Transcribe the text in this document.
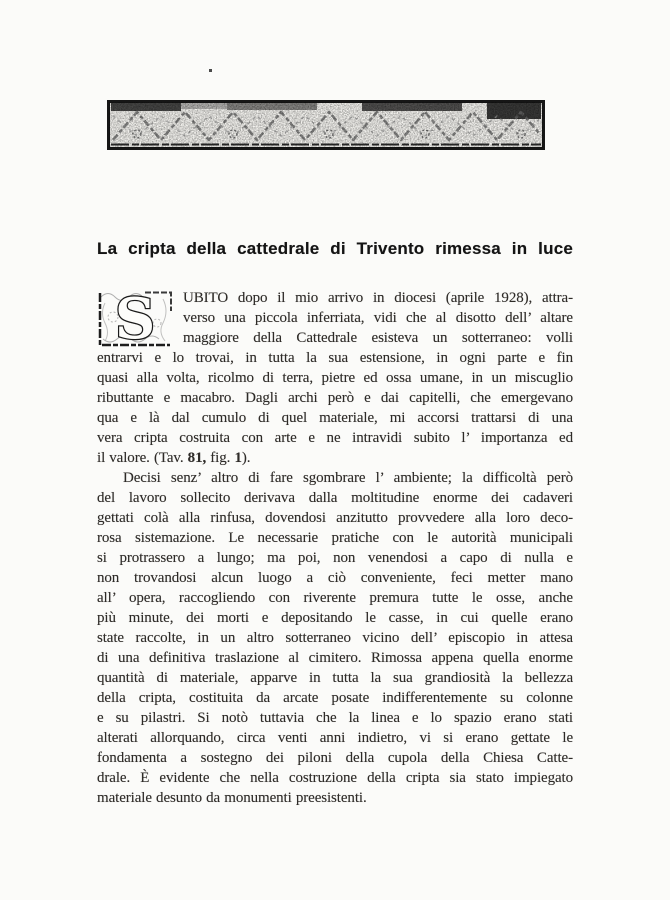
La cripta della cattedrale di Trivento rimessa in luce
S	UBITO dopo il mio arrivo in diocesi (aprile 1928), attra-
verso una piccola inferriata, vidi che al disotto dell’ altare
maggiore della Cattedrale esisteva un sotterraneo: volli
entrarvi e lo trovai, in tutta la sua estensione, in ogni parte e fin
quasi alla volta, ricolmo di terra, pietre ed ossa umane, in un miscuglio
ributtante e macabro. Dagli archi però e dai capitelli, che emergevano
qua e là dal cumulo di quel materiale, mi accorsi trattarsi di una
vera cripta costruita con arte e ne intravidi subito l’ importanza ed
il valore. (Tav. 81, fig. 1).
Decisi senz’ altro di fare sgombrare l’ ambiente; la difficoltà però
del lavoro sollecito derivava dalla moltitudine enorme dei cadaveri
gettati colà alla rinfusa, dovendosi anzitutto provvedere alla loro deco-
rosa sistemazione. Le necessarie pratiche con le autorità municipali
si protrassero a lungo; ma poi, non venendosi a capo di nulla e
non trovandosi alcun luogo a ciò conveniente, feci metter mano
all’ opera, raccogliendo con riverente premura tutte le osse, anche
più minute, dei morti e depositando le casse, in cui quelle erano
state raccolte, in un altro sotterraneo vicino dell’ episcopio in attesa
di una definitiva traslazione al cimitero. Rimossa appena quella enorme
quantità di materiale, apparve in tutta la sua grandiosità la bellezza
della cripta, costituita da arcate posate indifferentemente su colonne
e su pilastri. Si notò tuttavia che la linea e lo spazio erano stati
alterati allorquando, circa venti anni indietro, vi si erano gettate le
fondamenta a sostegno dei piloni della cupola della Chiesa Catte-
drale. È evidente che nella costruzione della cripta sia stato impiegato
materiale desunto da monumenti preesistenti.
